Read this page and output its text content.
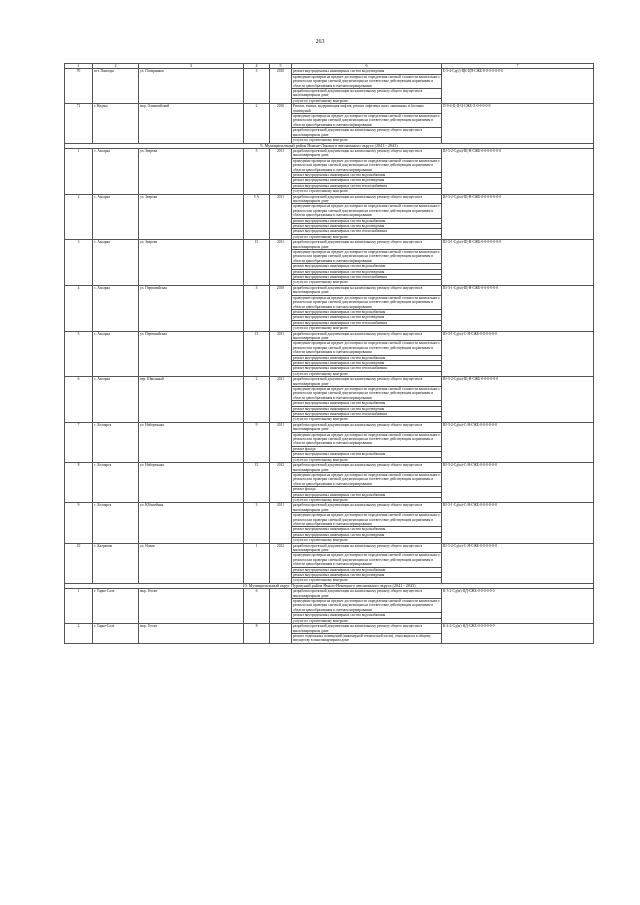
263
1	2	3	4	5	6	7
70	пгт. Пангоды	ул. Полярников	3	2010	ремонт внутридомовых инженерных систем водоотведения	Б-5-4-Сд(с)-ЦК-ЦП-СЖБ-0-0-0-0-0-0-0
					проведение проверки на предмет достоверности определения сметной стоимости капитального ремонта или проверки сметной документации на соответствие действующим нормативам в области ценообразования в сметном нормировании	
					разработка проектной документации на капитальному ремонту общего имущества в многоквартирном доме	
					услуги по строительному контролю	
71	г. Надым	мкр. Олимпийский	2	2010	Ремонт, замена, модернизация лифтов, ремонт лифтовых шахт, машинных и блочных помещений	П-9-4-Ц-Ц-Ц-СЖБ-Л-0-0-0-0-0
					проведение проверки на предмет достоверности определения сметной стоимости капитального ремонта или проверки сметной документации на соответствие действующим нормативам в области ценообразования в сметном нормировании	
					разработка проектной документации на капитальному ремонту общего имущества в многоквартирном доме	
					услуги по строительному контролю	
9. Муниципальный район Нижне-Лакского автономного округа (2041 - 2043)						
1	с. Аксарка	ул. Зверева	5	2011	разработка проектной документации на капитальному ремонту общего имущества в многоквартирном доме	Ш-3-2-Сд(м)-Щ-Н-СЖБ-0-0-0-0-0-0-0
					проведение проверки на предмет достоверности определения сметной стоимости капитального ремонта или проверки сметной документации на соответствие действующим нормативам в области ценообразования в сметном нормировании	
					ремонт внутридомовых инженерных систем водоснабжения	
					ремонт внутридомовых инженерных систем водоотведения	
					ремонт внутридомовых инженерных систем теплоснабжения	
					услуги по строительному контролю	
2	с. Аксарка	ул. Зверева	5 А	2011	разработка проектной документации на капитальному ремонту общего имущества в многоквартирном доме	Ш-3-2-Сд(м)-Щ-Н-СЖБ-0-0-0-0-0-0-0
					проведение проверки на предмет достоверности определения сметной стоимости капитального ремонта или проверки сметной документации на соответствие действующим нормативам в области ценообразования в сметном нормировании	
					ремонт внутридомовых инженерных систем водоснабжения	
					ремонт внутридомовых инженерных систем водоотведения	
					ремонт внутридомовых инженерных систем теплоснабжения	
					услуги по строительному контролю	
3	с. Аксарка	ул. Зверева	15	2011	разработка проектной документации на капитальному ремонту общего имущества в многоквартирном доме	Ш-3-1-Сд(м)-Щ-Н-СЖБ-0-0-0-0-0-0-0
					проведение проверки на предмет достоверности определения сметной стоимости капитального ремонта или проверки сметной документации на соответствие действующим нормативам в области ценообразования в сметном нормировании	
					ремонт внутридомовых инженерных систем водоснабжения	
					ремонт внутридомовых инженерных систем водоотведения	
					ремонт внутридомовых инженерных систем теплоснабжения	
					услуги по строительному контролю	
4	с. Аксарка	ул. Первомайская	3	2010	разработка проектной документации на капитальному ремонту общего имущества в многоквартирном доме	Ш-3-1-Сд(м)-Щ-Н-СЖБ-0-0-0-0-0-0
					проведение проверки на предмет достоверности определения сметной стоимости капитального ремонта или проверки сметной документации на соответствие действующим нормативам в области ценообразования в сметном нормировании	
					ремонт внутридомовых инженерных систем водоснабжения	
					ремонт внутридомовых инженерных систем водоотведения	
					ремонт внутридомовых инженерных систем теплоснабжения	
					услуги по строительному контролю	
5	с. Аксарка	ул. Первомайская	15	2011	разработка проектной документации на капитальному ремонту общего имущества в многоквартирном доме	Ш-3-1-Сд(м)-С-Н-СЖБ-0-0-0-0-0-0
					проведение проверки на предмет достоверности определения сметной стоимости капитального ремонта или проверки сметной документации на соответствие действующим нормативам в области ценообразования в сметном нормировании	
					ремонт внутридомовых инженерных систем водоснабжения	
					ремонт внутридомовых инженерных систем водоотведения	
					ремонт внутридомовых инженерных систем теплоснабжения	
					услуги по строительному контролю	
6	с. Аксарка	пер. Школьный	2	2011	разработка проектной документации на капитальному ремонту общего имущества в многоквартирном доме	Ш-3-2-Сд(м)-Щ-Н-СЖБ-0-0-0-0-0-0
					проведение проверки на предмет достоверности определения сметной стоимости капитального ремонта или проверки сметной документации на соответствие действующим нормативам в области ценообразования в сметном нормировании	
					ремонт внутридомовых инженерных систем водоснабжения	
					ремонт внутридомовых инженерных систем водоотведения	
					ремонт внутридомовых инженерных систем теплоснабжения	
					услуги по строительному контролю	
7	с. Белоярск	ул. Набережная	9	2011	разработка проектной документации на капитальному ремонту общего имущества в многоквартирном доме	Ш-3-2-Сд(м)-С-Н-СЖБ-0-0-0-0-0-0
					проведение проверки на предмет достоверности определения сметной стоимости капитального ремонта или проверки сметной документации на соответствие действующим нормативам в области ценообразования в сметном нормировании	
					ремонт фасада	
					ремонт внутридомовых инженерных систем водоснабжения	
					услуги по строительному контролю	
8	с. Белоярск	ул. Набережная	15	2012	разработка проектной документации на капитальному ремонту общего имущества в многоквартирном доме	Ш-3-2-Сд(м)-С-Н-СЖБ-0-0-0-0-0-0
					проведение проверки на предмет достоверности определения сметной стоимости капитального ремонта или проверки сметной документации на соответствие действующим нормативам в области ценообразования в сметном нормировании	
					ремонт фасада	
					ремонт внутридомовых инженерных систем водоснабжения	
					услуги по строительному контролю	
9	с. Белоярск	ул. Юбилейная	3	2011	разработка проектной документации на капитальному ремонту общего имущества в многоквартирном доме	Ш-3-1-Сд(м)-С-Н-СЖБ-0-0-0-0-0-0
					проведение проверки на предмет достоверности определения сметной стоимости капитального ремонта или проверки сметной документации на соответствие действующим нормативам в области ценообразования в сметном нормировании	
					ремонт внутридомовых инженерных систем водоснабжения	
					ремонт внутридомовых инженерных систем водоотведения	
					услуги по строительному контролю	
10	с. Катравож	ул. Новая	1	2012	разработка проектной документации на капитальному ремонту общего имущества в многоквартирном доме	Ш-3-2-Сд(м)-С-Н-СЖБ-0-0-0-0-0-0
					проведение проверки на предмет достоверности определения сметной стоимости капитального ремонта или проверки сметной документации на соответствие действующим нормативам в области ценообразования в сметном нормировании	
					ремонт внутридомовых инженерных систем водоснабжения	
					ремонт внутридомовых инженерных систем водоотведения	
					услуги по строительному контролю	
10. Муниципальный округ Пуровский район Ямало-Ненецкого автономного округа (2041 - 2043)						
1	г. Тарко-Сале	мкр. Геолог	6		разработка проектной документации на капитальному ремонту общего имущества в многоквартирном доме	К-3-2-Сд(м)-ЦД-СЖБ-0-0-0-0-0-0
					проведение проверки на предмет достоверности определения сметной стоимости капитального ремонта или проверки сметной документации на соответствие действующим нормативам в области ценообразования в сметном нормировании	
					ремонт внутридомовых инженерных систем водоснабжения	
					услуги по строительному контролю	
2	г. Тарко-Сале	мкр. Геолог	8		разработка проектной документации на капитальному ремонту общего имущества в многоквартирном доме	К-4-2-Сд(м)-ЦД-СЖБ-0-0-0-0-0-0
					ремонт подвальных помещений (инженерной технической части), относящихся к общему имуществу в многоквартирном доме	
